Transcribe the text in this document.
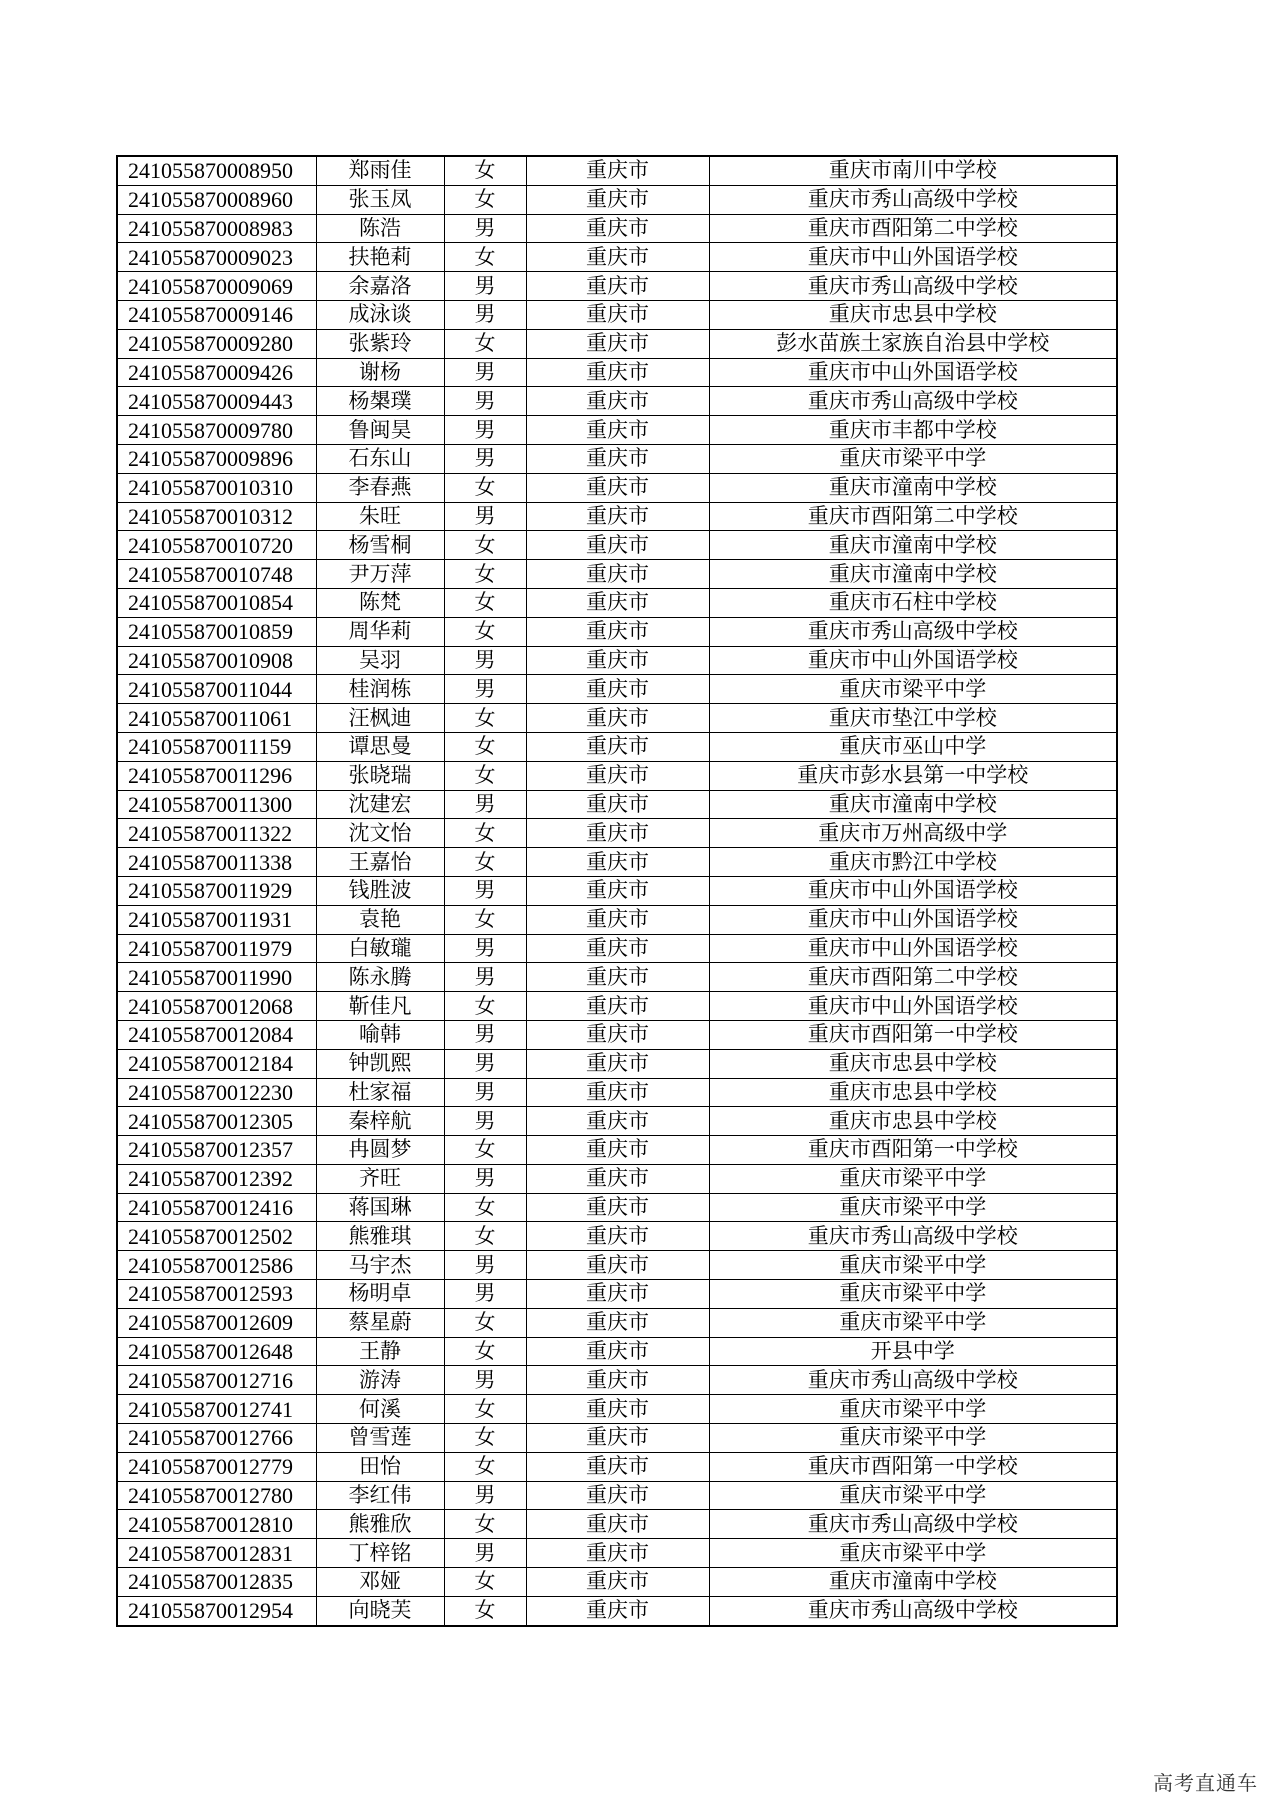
241055870008950	郑雨佳	女	重庆市	重庆市南川中学校
241055870008960	张玉凤	女	重庆市	重庆市秀山高级中学校
241055870008983	陈浩	男	重庆市	重庆市酉阳第二中学校
241055870009023	扶艳莉	女	重庆市	重庆市中山外国语学校
241055870009069	余嘉洛	男	重庆市	重庆市秀山高级中学校
241055870009146	成泳谈	男	重庆市	重庆市忠县中学校
241055870009280	张紫玲	女	重庆市	彭水苗族土家族自治县中学校
241055870009426	谢杨	男	重庆市	重庆市中山外国语学校
241055870009443	杨槼璞	男	重庆市	重庆市秀山高级中学校
241055870009780	鲁闽昊	男	重庆市	重庆市丰都中学校
241055870009896	石东山	男	重庆市	重庆市梁平中学
241055870010310	李春燕	女	重庆市	重庆市潼南中学校
241055870010312	朱旺	男	重庆市	重庆市酉阳第二中学校
241055870010720	杨雪桐	女	重庆市	重庆市潼南中学校
241055870010748	尹万萍	女	重庆市	重庆市潼南中学校
241055870010854	陈梵	女	重庆市	重庆市石柱中学校
241055870010859	周华莉	女	重庆市	重庆市秀山高级中学校
241055870010908	吴羽	男	重庆市	重庆市中山外国语学校
241055870011044	桂润栋	男	重庆市	重庆市梁平中学
241055870011061	汪枫迪	女	重庆市	重庆市垫江中学校
241055870011159	谭思曼	女	重庆市	重庆市巫山中学
241055870011296	张晓瑞	女	重庆市	重庆市彭水县第一中学校
241055870011300	沈建宏	男	重庆市	重庆市潼南中学校
241055870011322	沈文怡	女	重庆市	重庆市万州高级中学
241055870011338	王嘉怡	女	重庆市	重庆市黔江中学校
241055870011929	钱胜波	男	重庆市	重庆市中山外国语学校
241055870011931	袁艳	女	重庆市	重庆市中山外国语学校
241055870011979	白敏瓏	男	重庆市	重庆市中山外国语学校
241055870011990	陈永腾	男	重庆市	重庆市酉阳第二中学校
241055870012068	靳佳凡	女	重庆市	重庆市中山外国语学校
241055870012084	喻韩	男	重庆市	重庆市酉阳第一中学校
241055870012184	钟凯熙	男	重庆市	重庆市忠县中学校
241055870012230	杜家福	男	重庆市	重庆市忠县中学校
241055870012305	秦梓航	男	重庆市	重庆市忠县中学校
241055870012357	冉圆梦	女	重庆市	重庆市酉阳第一中学校
241055870012392	齐旺	男	重庆市	重庆市梁平中学
241055870012416	蒋国琳	女	重庆市	重庆市梁平中学
241055870012502	熊雅琪	女	重庆市	重庆市秀山高级中学校
241055870012586	马宇杰	男	重庆市	重庆市梁平中学
241055870012593	杨明卓	男	重庆市	重庆市梁平中学
241055870012609	蔡星蔚	女	重庆市	重庆市梁平中学
241055870012648	王静	女	重庆市	开县中学
241055870012716	游涛	男	重庆市	重庆市秀山高级中学校
241055870012741	何溪	女	重庆市	重庆市梁平中学
241055870012766	曾雪莲	女	重庆市	重庆市梁平中学
241055870012779	田怡	女	重庆市	重庆市酉阳第一中学校
241055870012780	李红伟	男	重庆市	重庆市梁平中学
241055870012810	熊雅欣	女	重庆市	重庆市秀山高级中学校
241055870012831	丁梓铭	男	重庆市	重庆市梁平中学
241055870012835	邓娅	女	重庆市	重庆市潼南中学校
241055870012954	向晓芙	女	重庆市	重庆市秀山高级中学校
高考直通车
